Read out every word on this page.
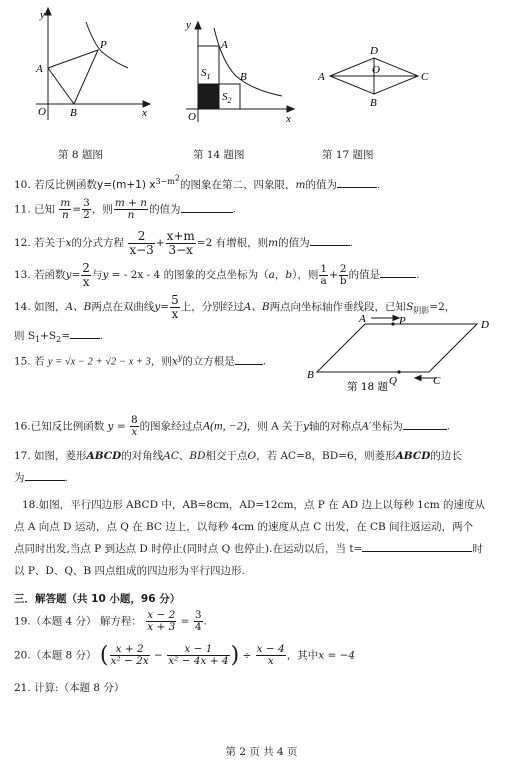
y
P
A
O B	x
y
A
$S_1$	B
$S_2$
O	x
D
A
O
C
B
第 8 题图	第 14 题图	第 17 题图
A	P	D
B	Q	C
第 18 题
10. 若反比例函数y=(m+1) $x^{3-m^2}$的图象在第二、四象限，m的值为	.
11. 已知 $\frac{m}{n} = \frac{3}{2}$ ，则 $\frac{m + n}{n}$ 的值为	.
12. 若关于x的分式方程 $\frac{2}{x-3} + \frac{x+m}{3-x} =2$ 有增根，则m的值为	.
13. 若函数$y= \frac{2}{x}$ 与y = - 2x - 4 的图象的交点坐标为（a，b），则 $\frac{1}{a} + \frac{2}{b}$ 的值是	.
14. 如图，A、B两点在双曲线$y= \frac{5}{x}$ 上，分别经过A、B两点向坐标轴作垂线段，已知$S_{阴影}=2$，
则 $S_1+S_2=$	.
15. 若 y = √x − 2 + √2 − x + 3，则$x^y$的立方根是	.
16.已知反比例函数 $y = \frac{8}{x}$ 的图象经过点A(m, −2)，则 A 关于y轴的对称点A′坐标为	.
17. 如图，菱形ABCD的对角线AC、BD相交于点O，若 AC=8，BD=6，则菱形ABCD的边长
为	.
18.如图，平行四边形 ABCD 中，AB=8cm，AD=12cm，点 P 在 AD 边上以每秒 1cm 的速度从
点 A 向点 D 运动，点 Q 在 BC 边上，以每秒 4cm 的速度从点 C 出发，在 CB 间往返运动，两个
点同时出发,当点 P 到达点 D 时停止(同时点 Q 也停止).在运动以后，当 t=	时
以 P、D、Q、B 四点组成的四边形为平行四边形.
三．解答题（共 10 小题，96 分）
19.（本题 4 分） 解方程： $\frac{x - 2}{x + 3} = \frac{3}{4}$ .
20.（本题 8 分） ( $\frac{x + 2}{\text{x² − 2x}} - \frac{x - 1}{\text{x² − 4x + 4}}$ ) ÷ $\frac{x - 4}{x}$ ，其中x = −4
21. 计算:（本题 8 分）
第 2 页 共 4 页
